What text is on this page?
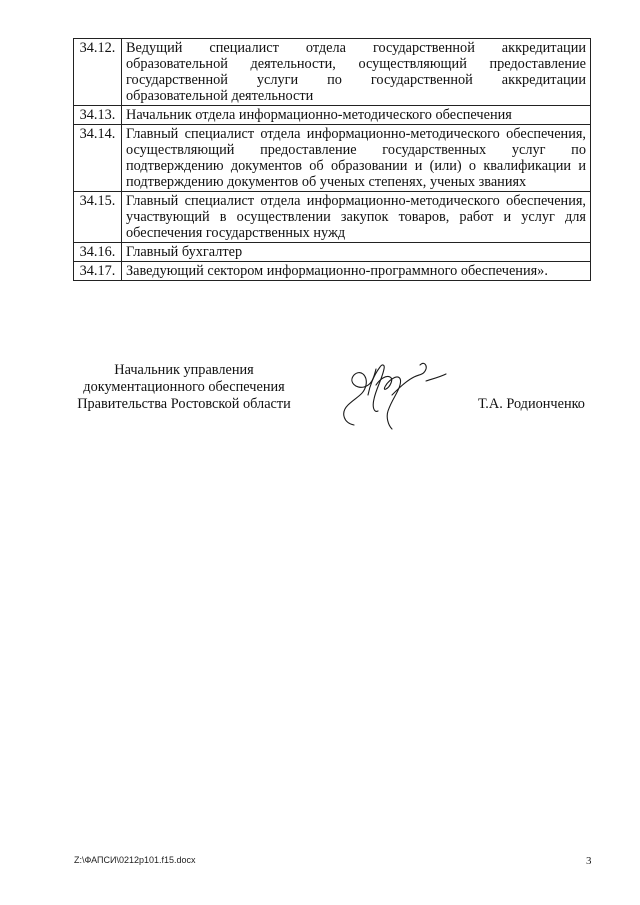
34.12.	Ведущий специалист отдела государственной аккредитации образовательной деятельности, осуществляющий предоставление государственной услуги по государственной аккредитации образовательной деятельности
34.13.	Начальник отдела информационно-методического обеспечения
34.14.	Главный специалист отдела информационно-методического обеспечения, осуществляющий предоставление государственных услуг по подтверждению документов об образовании и (или) о квалификации и подтверждению документов об ученых степенях, ученых званиях
34.15.	Главный специалист отдела информационно-методического обеспечения, участвующий в осуществлении закупок товаров, работ и услуг для обеспечения государственных нужд
34.16.	Главный бухгалтер
34.17.	Заведующий сектором информационно-программного обеспечения».
Начальник управления
документационного обеспечения
Правительства Ростовской области	Т.А. Родионченко
Z:\ФАПСИ\0212р101.f15.docx	3
